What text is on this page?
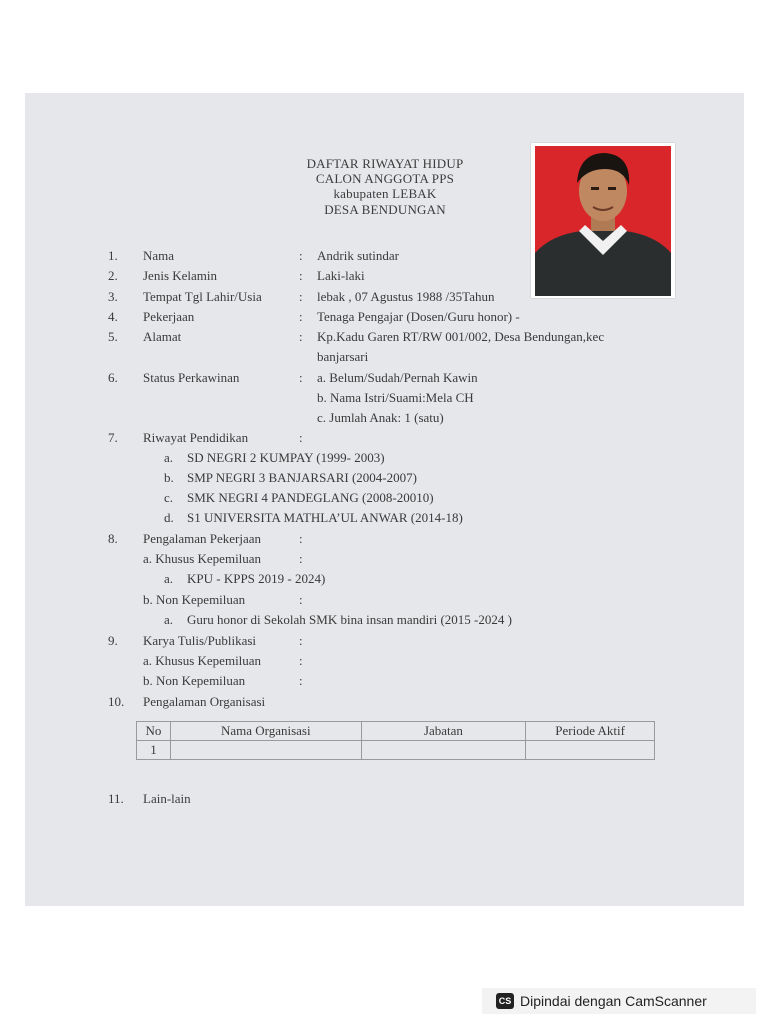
DAFTAR RIWAYAT HIDUP
CALON ANGGOTA PPS
kabupaten LEBAK
DESA BENDUNGAN
1. Nama	: Andrik sutindar
2. Jenis Kelamin	: Laki-laki
3. Tempat Tgl Lahir/Usia	: lebak , 07 Agustus 1988 /35Tahun
4. Pekerjaan	: Tenaga Pengajar (Dosen/Guru honor) -
5. Alamat	: Kp.Kadu Garen RT/RW 001/002, Desa Bendungan,kec
banjarsari
6. Status Perkawinan	: a. Belum/Sudah/Pernah Kawin
b. Nama Istri/Suami:Mela CH
c. Jumlah Anak: 1 (satu)
7. Riwayat Pendidikan	:
a. SD NEGRI 2 KUMPAY (1999- 2003)
b. SMP NEGRI 3 BANJARSARI (2004-2007)
c. SMK NEGRI 4 PANDEGLANG (2008-20010)
d. S1 UNIVERSITA MATHLA’UL ANWAR (2014-18)
8. Pengalaman Pekerjaan	:
a. Khusus Kepemiluan	:
a. KPU - KPPS 2019 - 2024)
b. Non Kepemiluan	:
a. Guru honor di Sekolah SMK bina insan mandiri (2015 -2024 )
9. Karya Tulis/Publikasi	:
a. Khusus Kepemiluan	:
b. Non Kepemiluan	:
10. Pengalaman Organisasi
No	Nama Organisasi	Jabatan	Periode Aktif
1			
11. Lain-lain
CS Dipindai dengan CamScanner
